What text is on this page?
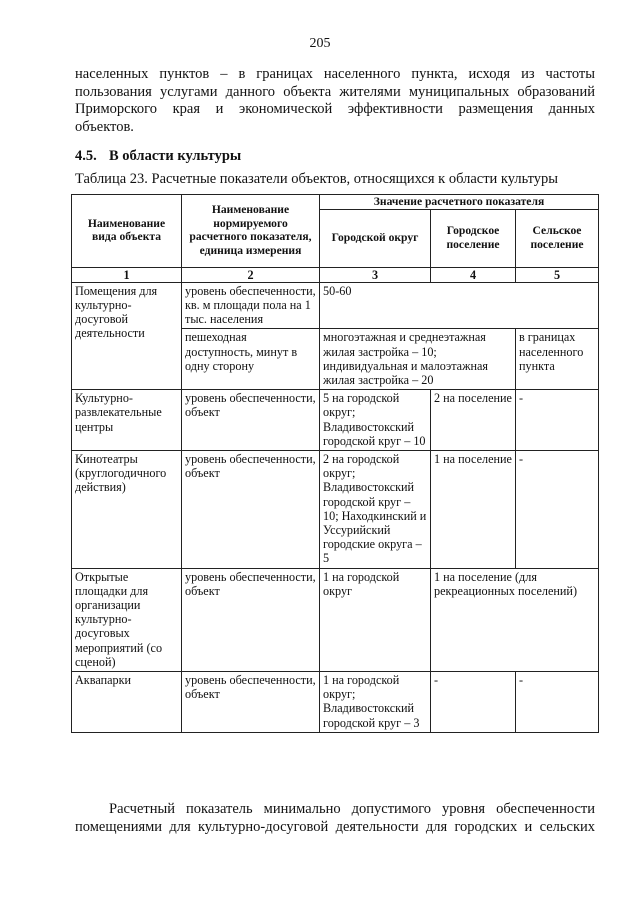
205

населенных пунктов – в границах населенного пункта, исходя из частоты
пользования услугами данного объекта жителями муниципальных образований
Приморского края и экономической эффективности размещения данных
объектов.

4.5. В области культуры
Таблица 23. Расчетные показатели объектов, относящихся к области культуры
Наименование вида объекта	Наименование нормируемого расчетного показателя, единица измерения	Значение расчетного показателя		
		Городской округ	Городское поселение	Сельское поселение
1	2	3	4	5
Помещения для культурно-досуговой деятельности	уровень обеспеченности, кв. м площади пола на 1 тыс. населения	50-60		
	пешеходная доступность, минут в одну сторону	многоэтажная и среднеэтажная жилая застройка – 10; индивидуальная и малоэтажная жилая застройка – 20		в границах населенного пункта
Культурно-развлекательные центры	уровень обеспеченности, объект	5 на городской округ; Владивостокский городской круг – 10	2 на поселение	-
Кинотеатры (круглогодичного действия)	уровень обеспеченности, объект	2 на городской округ; Владивостокский городской круг – 10; Находкинский и Уссурийский городские округа – 5	1 на поселение	-
Открытые площадки для организации культурно-досуговых мероприятий (со сценой)	уровень обеспеченности, объект	1 на городской округ	1 на поселение (для рекреационных поселений)	
Аквапарки	уровень обеспеченности, объект	1 на городской округ; Владивостокский городской круг – 3	-	-

Расчетный показатель минимально допустимого уровня обеспеченности
помещениями для культурно-досуговой деятельности для городских и сельских
